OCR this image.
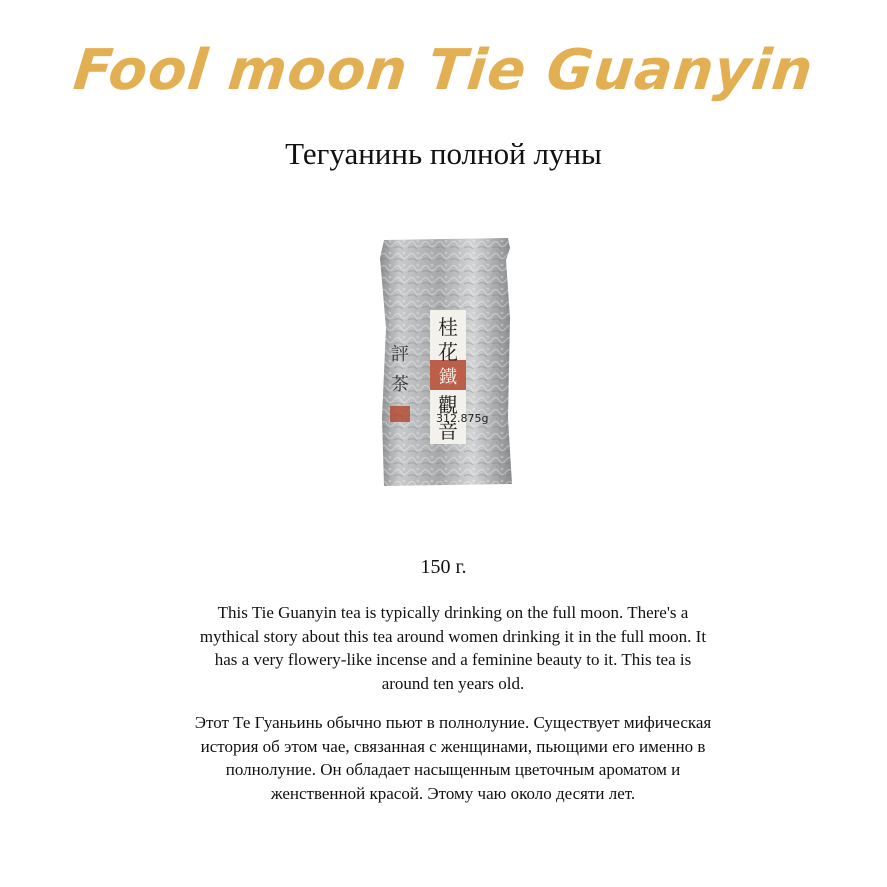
Fool moon Tie Guanyin
Тегуанинь полной луны
桂
花
鐵
觀
音
評
茶
312.875g
150 г.
This Tie Guanyin tea is typically drinking on the full moon. There's a mythical story about this tea around women drinking it in the full moon. It has a very flowery-like incense and a feminine beauty to it. This tea is around ten years old.
Этот Те Гуаньинь обычно пьют в полнолуние. Существует мифическая история об этом чае, связанная с женщинами, пьющими его именно в полнолуние. Он обладает насыщенным цветочным ароматом и женственной красой. Этому чаю около десяти лет.
